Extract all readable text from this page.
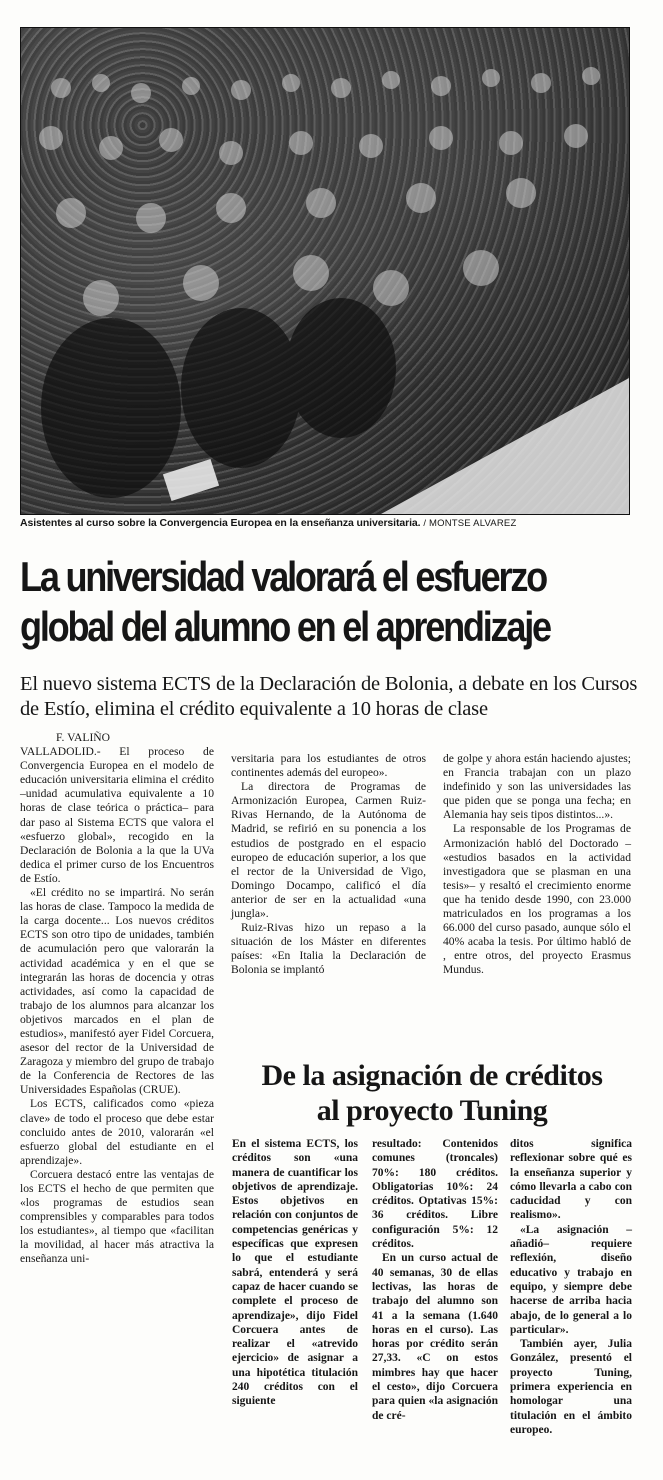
Asistentes al curso sobre la Convergencia Europea en la enseñanza universitaria. / MONTSE ALVAREZ
La universidad valorará el esfuerzo
global del alumno en el aprendizaje
El nuevo sistema ECTS de la Declaración de Bolonia, a debate en los Cursos de Estío, elimina el crédito equivalente a 10 horas de clase

F. VALIÑO

VALLADOLID.- El proceso de Convergencia Europea en el modelo de educación universitaria elimina el crédito –unidad acumulativa equivalente a 10 horas de clase teórica o práctica– para dar paso al Sistema ECTS que valora el «esfuerzo global», recogido en la Declaración de Bolonia a la que la UVa dedica el primer curso de los Encuentros de Estío.

«El crédito no se impartirá. No serán las horas de clase. Tampoco la medida de la carga docente... Los nuevos créditos ECTS son otro tipo de unidades, también de acumulación pero que valorarán la actividad académica y en el que se integrarán las horas de docencia y otras actividades, así como la capacidad de trabajo de los alumnos para alcanzar los objetivos marcados en el plan de estudios», manifestó ayer Fidel Corcuera, asesor del rector de la Universidad de Zaragoza y miembro del grupo de trabajo de la Conferencia de Rectores de las Universidades Españolas (CRUE).

Los ECTS, calificados como «pieza clave» de todo el proceso que debe estar concluido antes de 2010, valorarán «el esfuerzo global del estudiante en el aprendizaje».

Corcuera destacó entre las ventajas de los ECTS el hecho de que permiten que «los programas de estudios sean comprensibles y comparables para todos los estudiantes», al tiempo que «facilitan la movilidad, al hacer más atractiva la enseñanza uni-

versitaria para los estudiantes de otros continentes además del europeo».

La directora de Programas de Armonización Europea, Carmen Ruiz-Rivas Hernando, de la Autónoma de Madrid, se refirió en su ponencia a los estudios de postgrado en el espacio europeo de educación superior, a los que el rector de la Universidad de Vigo, Domingo Docampo, calificó el día anterior de ser en la actualidad «una jungla».

Ruiz-Rivas hizo un repaso a la situación de los Máster en diferentes países: «En Italia la Declaración de Bolonia se implantó

de golpe y ahora están haciendo ajustes; en Francia trabajan con un plazo indefinido y son las universidades las que piden que se ponga una fecha; en Alemania hay seis tipos distintos...».

La responsable de los Programas de Armonización habló del Doctorado – «estudios basados en la actividad investigadora que se plasman en una tesis»– y resaltó el crecimiento enorme que ha tenido desde 1990, con 23.000 matriculados en los programas a los 66.000 del curso pasado, aunque sólo el 40% acaba la tesis. Por último habló de , entre otros, del proyecto Erasmus Mundus.

De la asignación de créditos
al proyecto Tuning

En el sistema ECTS, los créditos son «una manera de cuantificar los objetivos de aprendizaje. Estos objetivos en relación con conjuntos de competencias genéricas y específicas que expresen lo que el estudiante sabrá, entenderá y será capaz de hacer cuando se complete el proceso de aprendizaje», dijo Fidel Corcuera antes de realizar el «atrevido ejercicio» de asignar a una hipotética titulación 240 créditos con el siguiente

resultado: Contenidos comunes (troncales) 70%: 180 créditos. Obligatorias 10%: 24 créditos. Optativas 15%: 36 créditos. Libre configuración 5%: 12 créditos.

En un curso actual de 40 semanas, 30 de ellas lectivas, las horas de trabajo del alumno son 41 a la semana (1.640 horas en el curso). Las horas por crédito serán 27,33. «C on estos mimbres hay que hacer el cesto», dijo Corcuera para quien «la asignación de cré-

ditos significa reflexionar sobre qué es la enseñanza superior y cómo llevarla a cabo con caducidad y con realismo».

«La asignación –añadió– requiere reflexión, diseño educativo y trabajo en equipo, y siempre debe hacerse de arriba hacia abajo, de lo general a lo particular».

También ayer, Julia González, presentó el proyecto Tuning, primera experiencia en homologar una titulación en el ámbito europeo.
